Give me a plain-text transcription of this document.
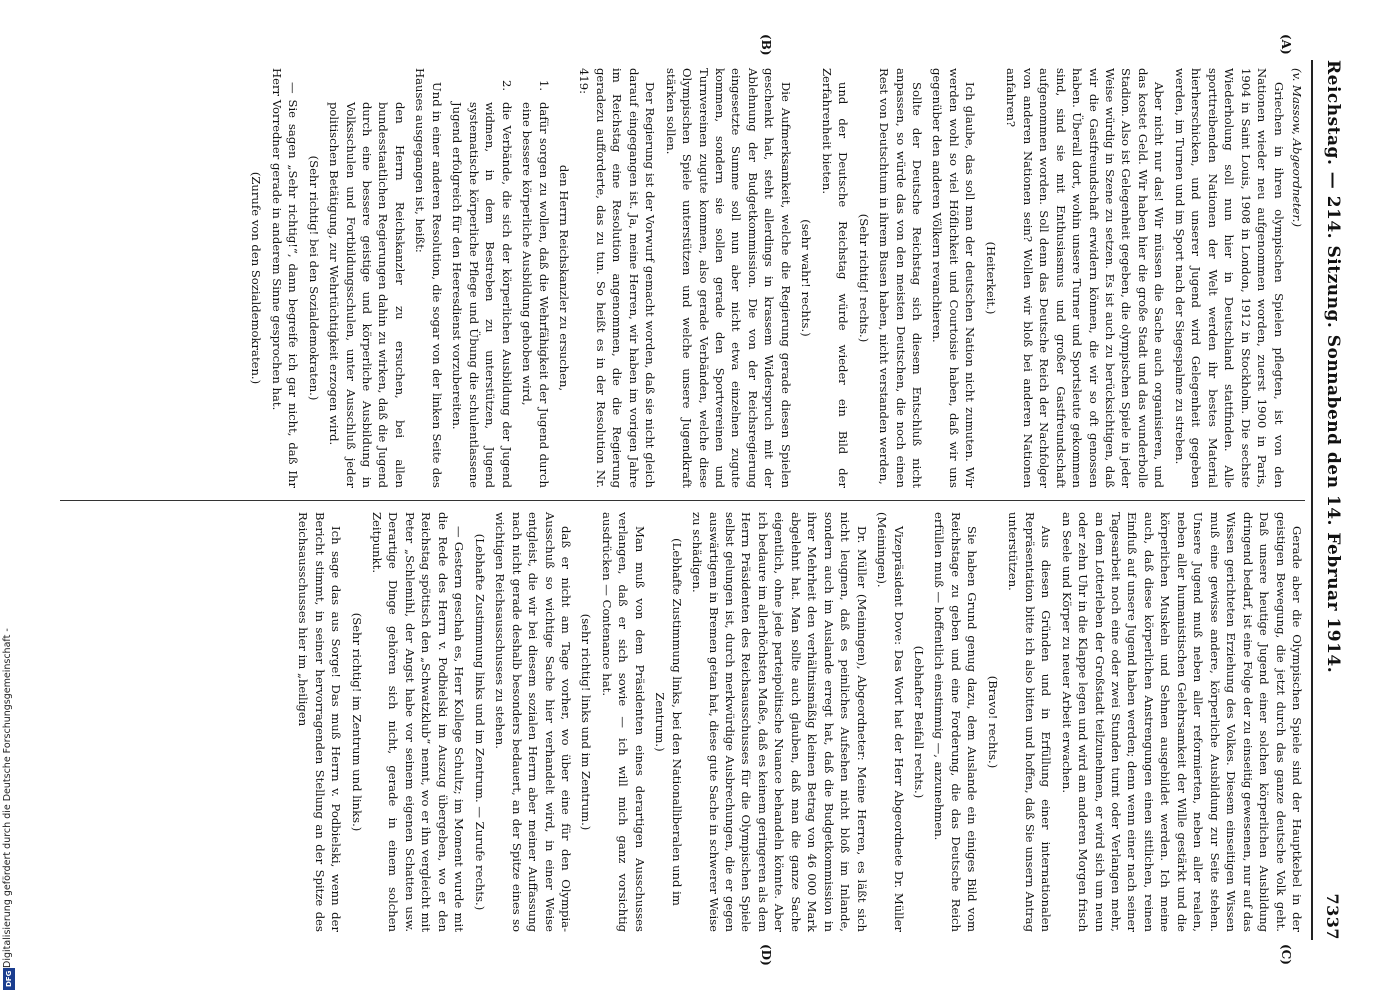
Reichstag. — 214. Sitzung. Sonnabend den 14. Februar 1914.
7337
(A)
(B)
(C)
(D)

(v. Massow, Abgeordneter.)

Griechen in ihren olympischen Spielen pflegten, ist von den Nationen wieder neu aufgenommen worden, zuerst 1900 in Paris, 1904 in Saint Louis, 1908 in London, 1912 in Stockholm. Die sechste Wiederholung soll nun hier in Deutschland stattfinden. Alle sporttreibenden Nationen der Welt werden ihr bestes Material hierherschicken, und unserer Jugend wird Gelegenheit gegeben werden, im Turnen und im Sport nach der Siegespalme zu streben.

Aber nicht nur das! Wir müssen die Sache auch organisieren, und das kostet Geld. Wir haben hier die große Stadt und das wunderbolle Stadion. Also ist Gelegenheit gegeben, die olympischen Spiele in jeder Weise würdig in Szene zu setzen. Es ist auch zu berücksichtigen, daß wir die Gastfreundschaft erwidern können, die wir so oft genossen haben. Überall dort, wohin unsere Turner und Sportsleute gekommen sind, sind sie mit Enthusiasmus und großer Gastfreundschaft aufgenommen worden. Soll denn das Deutsche Reich der Nachfolger von anderen Nationen sein? Wollen wir bloß bei anderen Nationen anfahren?

(Heiterkeit.)

Ich glaube, das soll man der deutschen Nation nicht zumuten. Wir werden wohl so viel Höflichkeit und Courtoisie haben, daß wir uns gegenüber den anderen Völkern revanchieren.

Sollte der Deutsche Reichstag sich diesem Entschluß nicht anpassen, so würde das von den meisten Deutschen, die noch einen Rest von Deutschtum in ihrem Busen haben, nicht verstanden werden,

(Sehr richtig! rechts.)

und der Deutsche Reichstag würde wieder ein Bild der Zerfahrenheit bieten.

(sehr wahr! rechts.)

Die Aufmerksamkeit, welche die Regierung gerade diesen Spielen geschenkt hat, steht allerdings in krassem Widerspruch mit der Ablehnung der Budgetkommission. Die von der Reichsregierung eingesetzte Summe soll nun aber nicht etwa einzelnen zugute kommen, sondern sie sollen gerade den Sportvereinen und Turnvereinen zugute kommen, also gerade Verbänden, welche diese Olympischen Spiele unterstützen und welche unsere Jugendkraft stärken sollen.

Der Regierung ist der Vorwurf gemacht worden, daß sie nicht gleich darauf eingegangen ist. Ja, meine Herren, wir haben im vorigen Jahre im Reichstag eine Resolution angenommen, die die Regierung geradezu aufforderte, das zu tun. So heißt es in der Resolution Nr. 419:

den Herrn Reichskanzler zu ersuchen,

1.
dafür sorgen zu wollen, daß die Wehrfähigkeit der Jugend durch eine bessere körperliche Ausbildung gehoben wird,

2.
die Verbände, die sich der körperlichen Ausbildung der Jugend widmen, in dem Bestreben zu unterstützen, Jugend systematische körperliche Pflege und Übung die schulentlassene Jugend erfolgreich für den Heeresdienst vorzubereiten.

Und in einer anderen Resolution, die sogar von der linken Seite des Hauses ausgegangen ist, heißt:

den Herrn Reichskanzler zu ersuchen, bei allen bundesstaatlichen Regierungen dahin zu wirken, daß die Jugend durch eine bessere geistige und körperliche Ausbildung in Volksschulen und Fortbildungsschulen, unter Ausschluß jeder politischen Betätigung, zur Wehrtüchtigkeit erzogen wird.

(Sehr richtig! bei den Sozialdemokraten.)

— Sie sagen „Sehr richtig!“, dann begreife ich gar nicht, daß Ihr Herr Vorredner gerade in anderem Sinne gesprochen hat.

(Zurufe von den Sozialdemokraten.)

Gerade aber die Olympischen Spiele sind der Hauptkebel in der geistigen Bewegung, die jetzt durch das ganze deutsche Volk geht. Daß unsere heutige Jugend einer solchen körperlichen Ausbildung dringend bedarf, ist eine Folge der zu einseitig gewesenen, nur auf das Wissen gerichteten Erziehung des Volkes. Diesem einseitigen Wissen muß eine gewisse andere, körperliche Ausbildung zur Seite stehen. Unsere Jugend muß neben aller reformierten, neben aller realen, neben aller humanistischen Gelehrsamkeit der Wille gestärkt und die körperlichen Muskeln und Sehnen ausgebildet werden. Ich meine auch, daß diese körperlichen Anstrengungen einen sittlichen, reinen Einfluß auf unsere Jugend haben werden; denn wenn einer nach seiner Tagesarbeit noch eine oder zwei Stunden turnt oder Verlangen mehr, an dem Lotterleben der Großstadt teilzunehmen, er wird sich um neun oder zehn Uhr in die Klappe legen und wird am anderen Morgen frisch an Seele und Körper zu neuer Arbeit erwachen.

Aus diesen Gründen und in Erfüllung einer internationalen Repräsentation bitte ich also bitten und hoffen, daß Sie unsern Antrag unterstützen.

(Bravo! rechts.)

Sie haben Grund genug dazu, dem Auslande ein einiges Bild vom Reichstage zu geben und eine Forderung, die das Deutsche Reich erfüllen muß — hoffentlich einstimmig —, anzunehmen.

(Lebhafter Beifall rechts.)

Vizepräsident Dove: Das Wort hat der Herr Abgeordnete Dr. Müller (Meiningen).

Dr. Müller (Meiningen), Abgeordneter: Meine Herren, es läßt sich nicht leugnen, daß es peinliches Aufsehen nicht bloß im Inlande, sondern auch im Auslande erregt hat, daß die Budgetkommission in ihrer Mehrheit den verhältnismäßig kleinen Betrag von 46 000 Mark abgelehnt hat. Man sollte auch glauben, daß man die ganze Sache eigentlich, ohne jede parteipolitische Nuance behandeln könnte. Aber ich bedaure im allerhöchsten Maße, daß es keinem geringeren als dem Herrn Präsidenten des Reichsausschusses für die Olympischen Spiele selbst gelungen ist, durch merkwürdige Ausbrechungen, die er gegen auswärtigem in Bremen getan hat, diese gute Sache in schwerer Weise zu schädigen.

(Lebhafte Zustimmung links, bei den Nationalliberalen und im Zentrum.)

Man muß von dem Präsidenten eines derartigen Ausschusses verlangen, daß er sich sowie — ich will mich ganz vorsichtig ausdrücken — Contenance hat.

(sehr richtig! links und im Zentrum.)

daß er nicht am Tage vorher, wo über eine für den Olympia-Ausschuß so wichtige Sache hier verhandelt wird, in einer Weise entgleist, die wir bei diesem sozialen Herrn aber meiner Auffassung nach nicht gerade deshalb besonders bedauert, an der Spitze eines so wichtigen Reichsausschusses zu stehen.

(Lebhafte Zustimmung links und im Zentrum. — Zurufe rechts.)

— Gestern geschah es, Herr Kollege Schultz; im Moment wurde mit die Rede des Herrn v. Podbielski im Auszug übergeben, wo er den Reichstag spöttisch den „Schwatzklub“ nennt, wo er ihn vergleicht mit Peter „Schlemihl, der Angst habe vor seinem eigenen Schatten usw. Derartige Dinge gehören sich nicht, gerade in einem solchen Zeitpunkt.

(Sehr richtig! im Zentrum und links.)

Ich sage das aus Sorge! Das muß Herrn v. Podbielski, wenn der Bericht stimmt, in seiner hervorragenden Stellung an der Spitze des Reichsausschusses hier im „heiligen

Digitalisierung gefördert durch die Deutsche Forschungsgemeinschaft -
DFG
